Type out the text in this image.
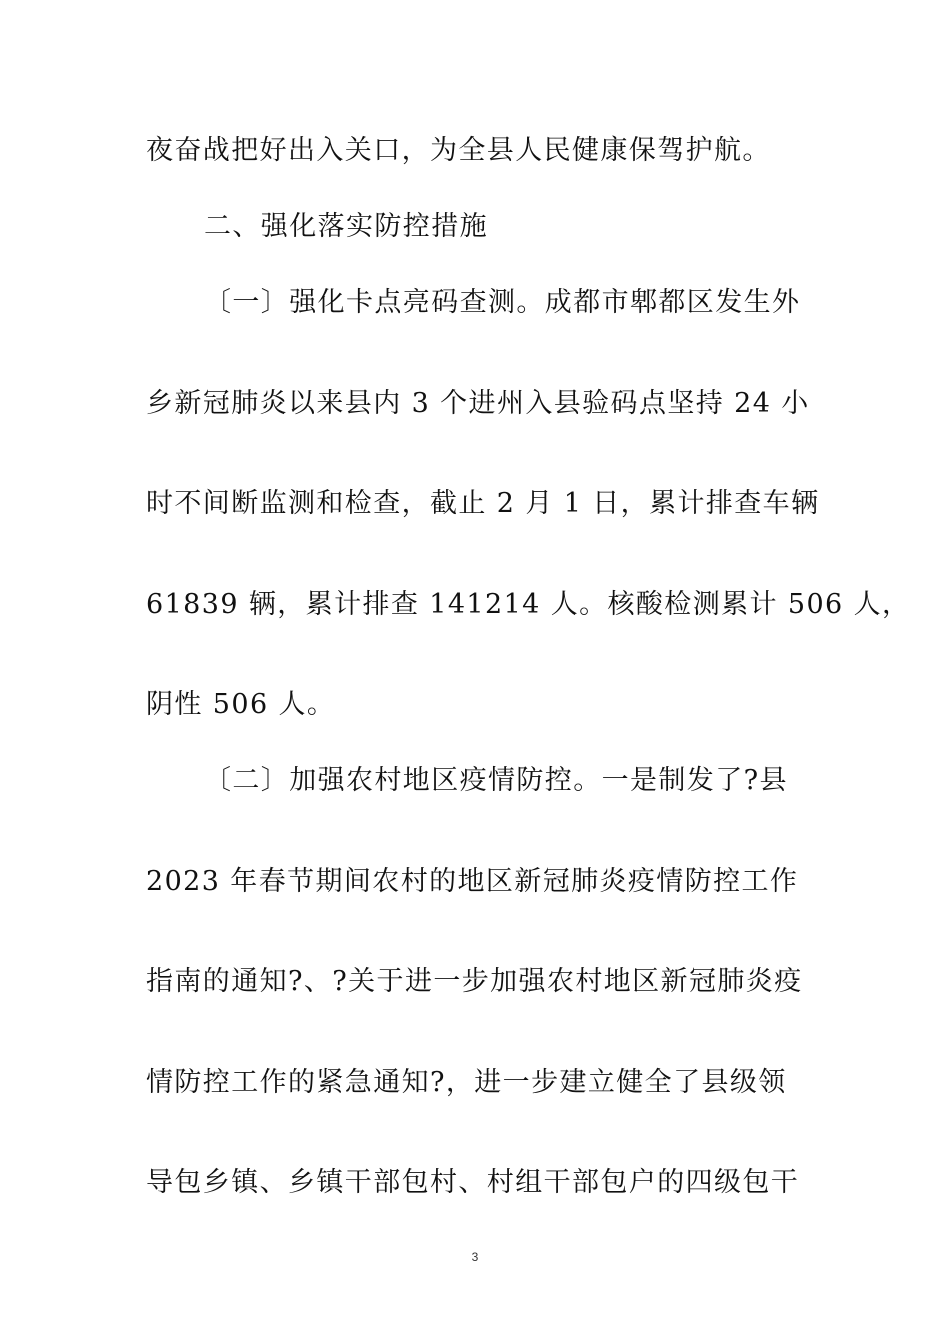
夜奋战把好出入关口，为全县人民健康保驾护航。
二、强化落实防控措施
〔一〕强化卡点亮码查测。成都市郫都区发生外
乡新冠肺炎以来县内 3 个进州入县验码点坚持 24 小
时不间断监测和检查，截止 2 月 1 日，累计排查车辆
61839 辆，累计排查 141214 人。核酸检测累计 506 人，
阴性 506 人。
〔二〕加强农村地区疫情防控。一是制发了?县
2023 年春节期间农村的地区新冠肺炎疫情防控工作
指南的通知?、?关于进一步加强农村地区新冠肺炎疫
情防控工作的紧急通知?，进一步建立健全了县级领
导包乡镇、乡镇干部包村、村组干部包户的四级包干
3
